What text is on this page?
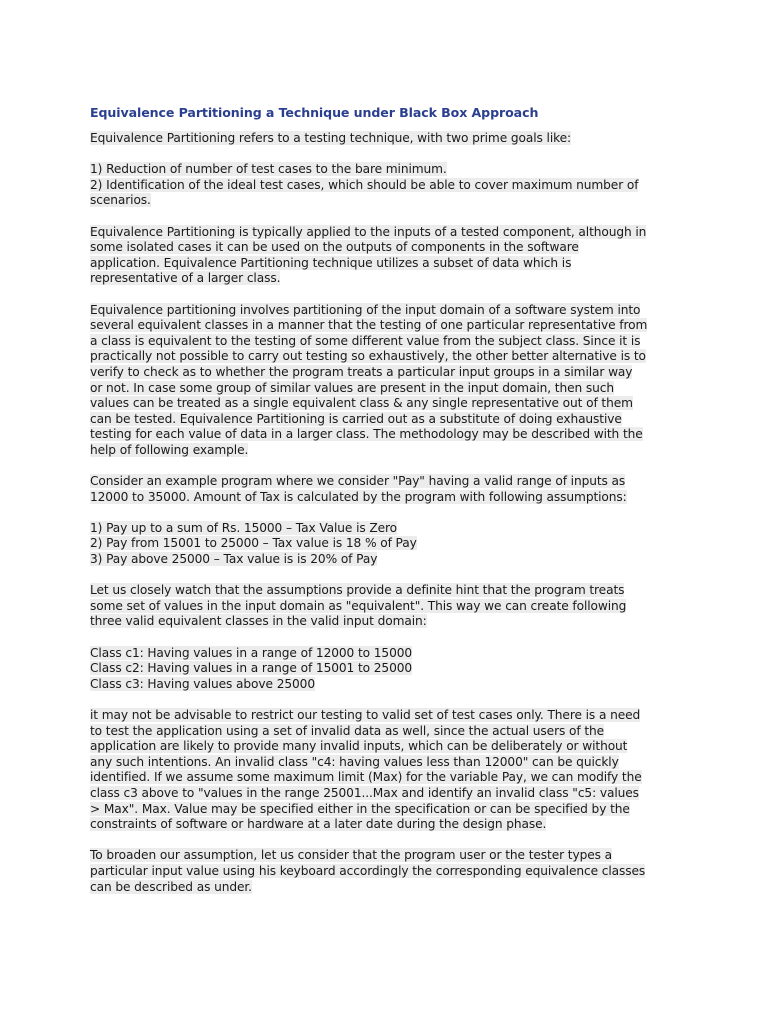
Equivalence Partitioning a Technique under Black Box Approach
Equivalence Partitioning refers to a testing technique, with two prime goals like:
1) Reduction of number of test cases to the bare minimum.
2) Identification of the ideal test cases, which should be able to cover maximum number of
scenarios.
Equivalence Partitioning is typically applied to the inputs of a tested component, although in
some isolated cases it can be used on the outputs of components in the software
application. Equivalence Partitioning technique utilizes a subset of data which is
representative of a larger class.
Equivalence partitioning involves partitioning of the input domain of a software system into
several equivalent classes in a manner that the testing of one particular representative from
a class is equivalent to the testing of some different value from the subject class. Since it is
practically not possible to carry out testing so exhaustively, the other better alternative is to
verify to check as to whether the program treats a particular input groups in a similar way
or not. In case some group of similar values are present in the input domain, then such
values can be treated as a single equivalent class & any single representative out of them
can be tested. Equivalence Partitioning is carried out as a substitute of doing exhaustive
testing for each value of data in a larger class. The methodology may be described with the
help of following example.
Consider an example program where we consider "Pay" having a valid range of inputs as
12000 to 35000. Amount of Tax is calculated by the program with following assumptions:
1) Pay up to a sum of Rs. 15000 – Tax Value is Zero
2) Pay from 15001 to 25000 – Tax value is 18 % of Pay
3) Pay above 25000 – Tax value is is 20% of Pay
Let us closely watch that the assumptions provide a definite hint that the program treats
some set of values in the input domain as "equivalent". This way we can create following
three valid equivalent classes in the valid input domain:
Class c1: Having values in a range of 12000 to 15000
Class c2: Having values in a range of 15001 to 25000
Class c3: Having values above 25000
it may not be advisable to restrict our testing to valid set of test cases only. There is a need
to test the application using a set of invalid data as well, since the actual users of the
application are likely to provide many invalid inputs, which can be deliberately or without
any such intentions. An invalid class "c4: having values less than 12000" can be quickly
identified. If we assume some maximum limit (Max) for the variable Pay, we can modify the
class c3 above to "values in the range 25001...Max and identify an invalid class "c5: values
> Max". Max. Value may be specified either in the specification or can be specified by the
constraints of software or hardware at a later date during the design phase.
To broaden our assumption, let us consider that the program user or the tester types a
particular input value using his keyboard accordingly the corresponding equivalence classes
can be described as under.
